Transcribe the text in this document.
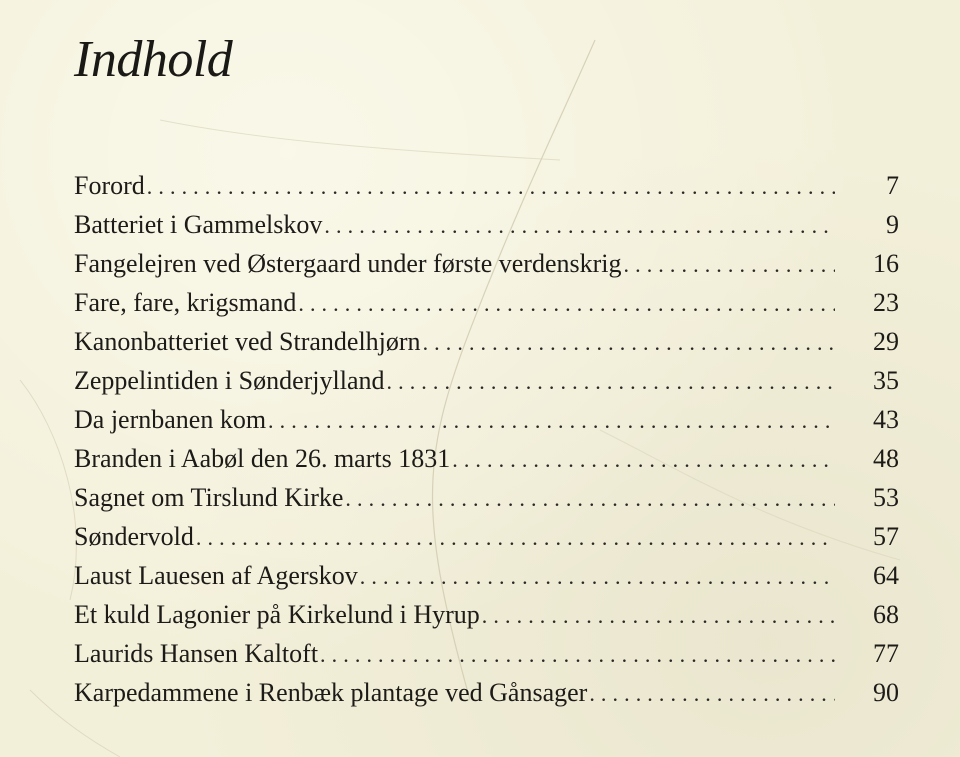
Indhold
Forord . . .	7
Batteriet i Gammelskov . . .	9
Fangelejren ved Østergaard under første verdenskrig . . .	16
Fare, fare, krigsmand . . .	23
Kanonbatteriet ved Strandelhjørn . . .	29
Zeppelintiden i Sønderjylland . . .	35
Da jernbanen kom . . .	43
Branden i Aabøl den 26. marts 1831 . . .	48
Sagnet om Tirslund Kirke . . .	53
Søndervold . . .	57
Laust Lauesen af Agerskov . . .	64
Et kuld Lagonier på Kirkelund i Hyrup . . .	68
Laurids Hansen Kaltoft . . .	77
Karpedammene i Renbæk plantage ved Gånsager . . .	90
